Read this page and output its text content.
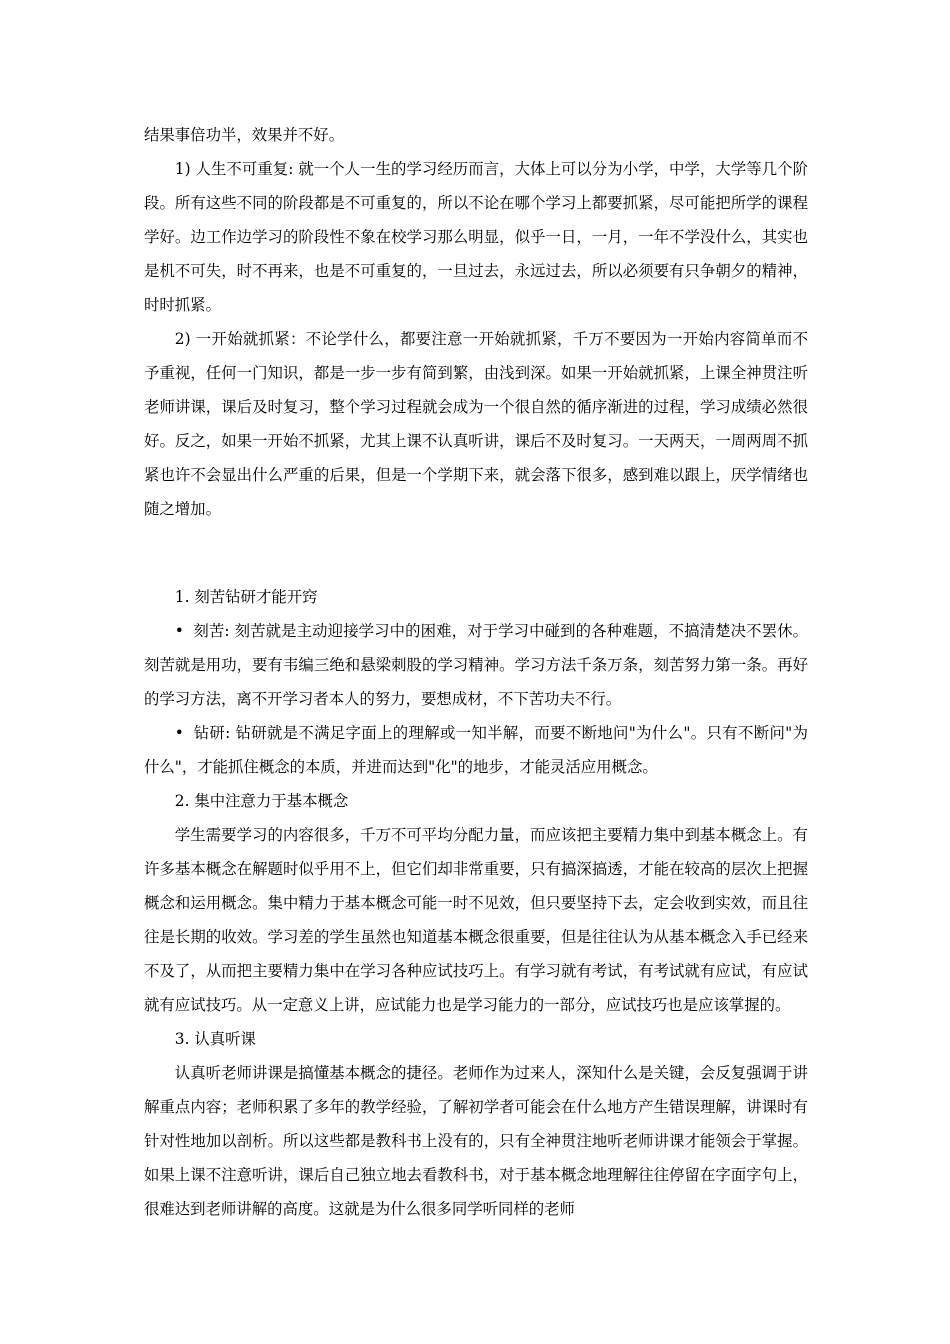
结果事倍功半，效果并不好。

1) 人生不可重复: 就一个人一生的学习经历而言，大体上可以分为小学，中学，大学等几个阶段。所有这些不同的阶段都是不可重复的，所以不论在哪个学习上都要抓紧，尽可能把所学的课程学好。边工作边学习的阶段性不象在校学习那么明显，似乎一日，一月，一年不学没什么，其实也是机不可失，时不再来，也是不可重复的，一旦过去，永远过去，所以必须要有只争朝夕的精神，时时抓紧。

2) 一开始就抓紧：不论学什么，都要注意一开始就抓紧，千万不要因为一开始内容简单而不予重视，任何一门知识，都是一步一步有简到繁，由浅到深。如果一开始就抓紧，上课全神贯注听老师讲课，课后及时复习，整个学习过程就会成为一个很自然的循序渐进的过程，学习成绩必然很好。反之，如果一开始不抓紧，尤其上课不认真听讲，课后不及时复习。一天两天，一周两周不抓紧也许不会显出什么严重的后果，但是一个学期下来，就会落下很多，感到难以跟上，厌学情绪也随之增加。

1. 刻苦钻研才能开窍

• 刻苦: 刻苦就是主动迎接学习中的困难，对于学习中碰到的各种难题，不搞清楚决不罢休。 刻苦就是用功，要有韦编三绝和悬梁刺股的学习精神。学习方法千条万条，刻苦努力第一条。再好的学习方法，离不开学习者本人的努力，要想成材，不下苦功夫不行。

• 钻研: 钻研就是不满足字面上的理解或一知半解，而要不断地问"为什么"。只有不断问"为什么"，才能抓住概念的本质，并进而达到"化"的地步，才能灵活应用概念。

2. 集中注意力于基本概念

学生需要学习的内容很多，千万不可平均分配力量，而应该把主要精力集中到基本概念上。有许多基本概念在解题时似乎用不上，但它们却非常重要，只有搞深搞透，才能在较高的层次上把握概念和运用概念。集中精力于基本概念可能一时不见效，但只要坚持下去，定会收到实效，而且往往是长期的收效。学习差的学生虽然也知道基本概念很重要，但是往往认为从基本概念入手已经来不及了，从而把主要精力集中在学习各种应试技巧上。有学习就有考试，有考试就有应试，有应试就有应试技巧。从一定意义上讲，应试能力也是学习能力的一部分，应试技巧也是应该掌握的。

3. 认真听课

认真听老师讲课是搞懂基本概念的捷径。老师作为过来人，深知什么是关键，会反复强调于讲解重点内容；老师积累了多年的教学经验，了解初学者可能会在什么地方产生错误理解，讲课时有针对性地加以剖析。所以这些都是教科书上没有的，只有全神贯注地听老师讲课才能领会于掌握。如果上课不注意听讲，课后自己独立地去看教科书，对于基本概念地理解往往停留在字面字句上，很难达到老师讲解的高度。这就是为什么很多同学听同样的老师
